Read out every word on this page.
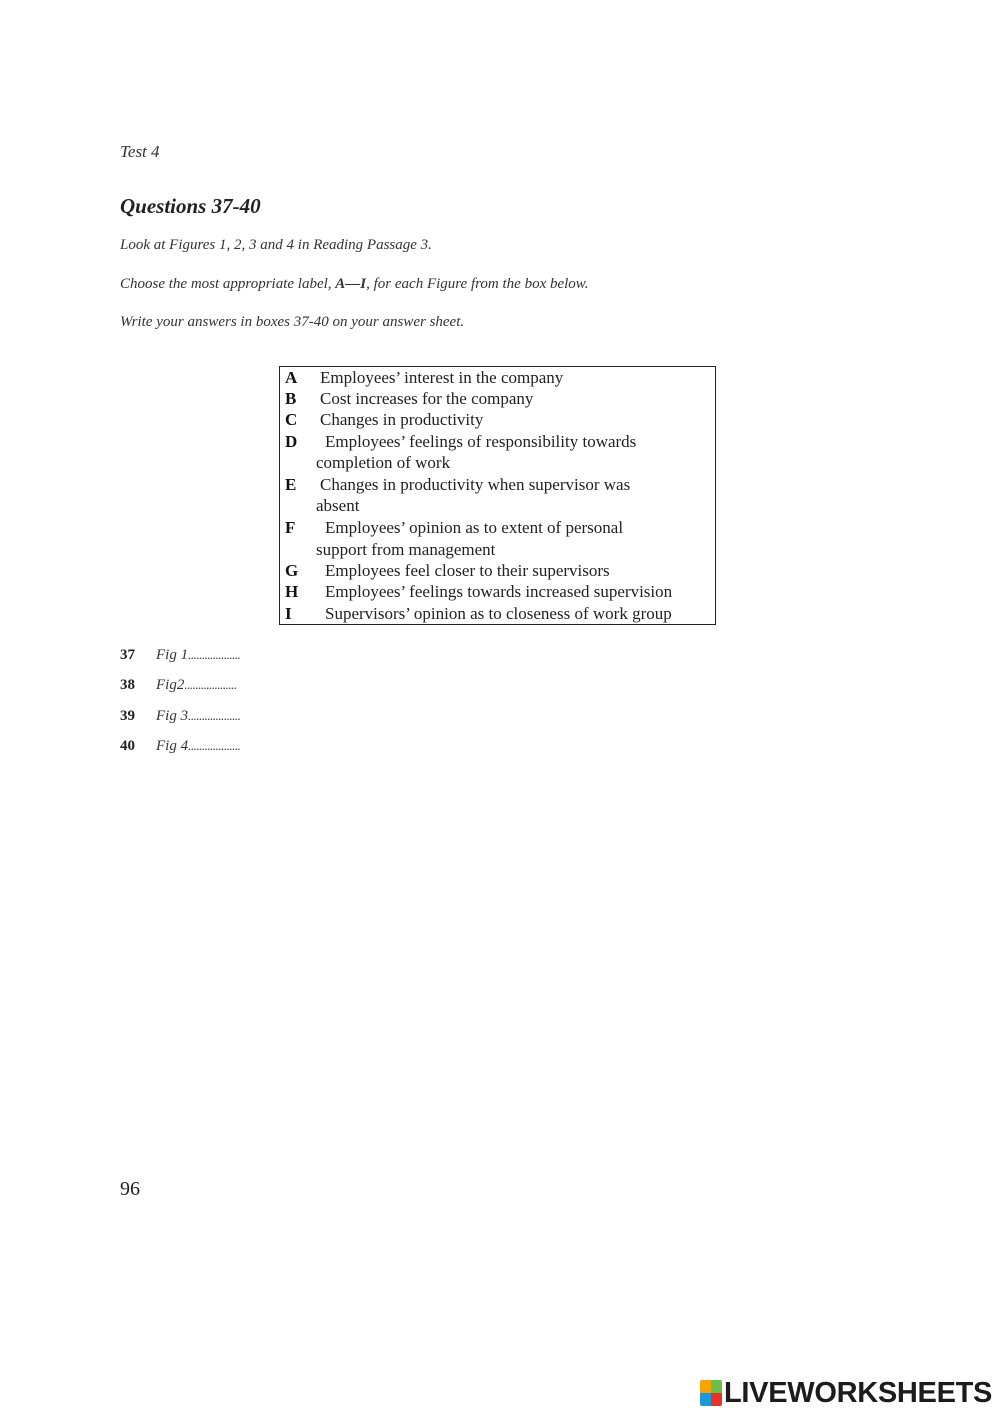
Test 4
Questions 37-40
Look at Figures 1, 2, 3 and 4 in Reading Passage 3.
Choose the most appropriate label, A—I, for each Figure from the box below.
Write your answers in boxes 37-40 on your answer sheet.
A Employees’ interest in the company
B Cost increases for the company
C Changes in productivity
D Employees’ feelings of responsibility towards
completion of work
E Changes in productivity when supervisor was
absent
F Employees’ opinion as to extent of personal
support from management
G Employees feel closer to their supervisors
H Employees’ feelings towards increased supervision
I Supervisors’ opinion as to closeness of work group
37 Fig 1...................
38 Fig2...................
39 Fig 3...................
40 Fig 4...................
96
LIVEWORKSHEETS
